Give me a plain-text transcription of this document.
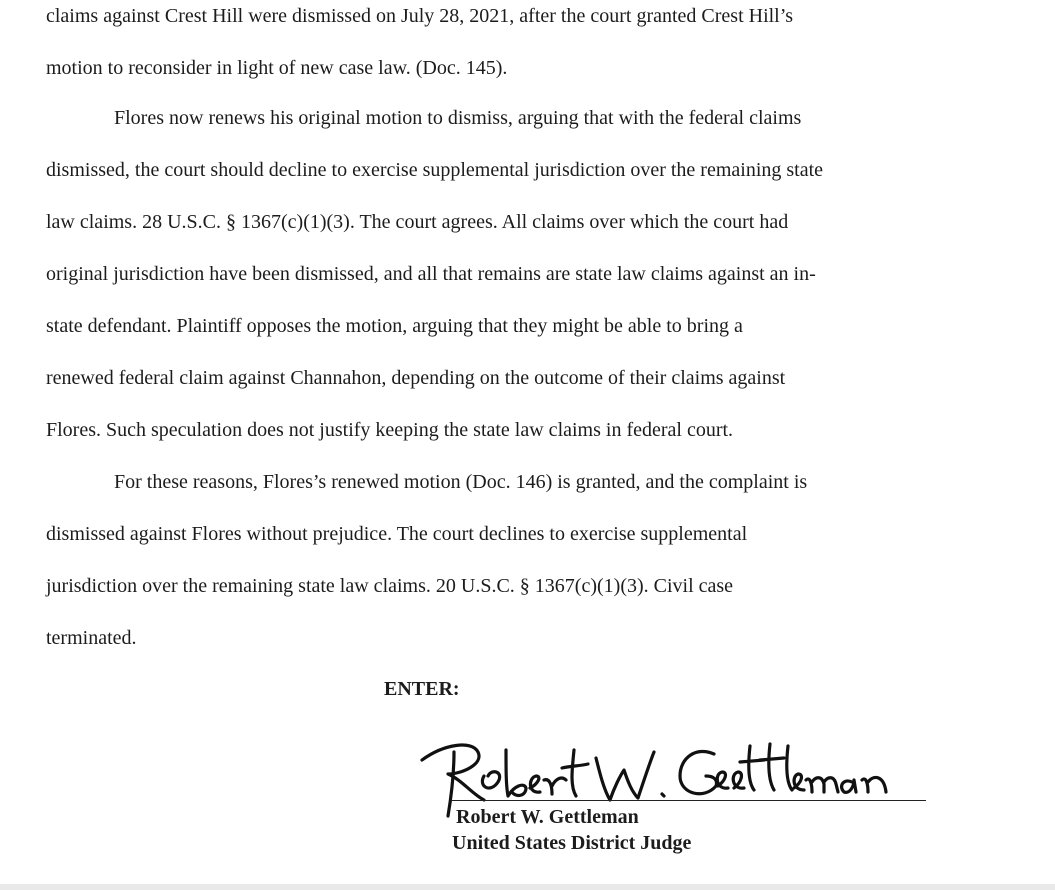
claims against Crest Hill were dismissed on July 28, 2021, after the court granted Crest Hill’s
motion to reconsider in light of new case law. (Doc. 145).
Flores now renews his original motion to dismiss, arguing that with the federal claims
dismissed, the court should decline to exercise supplemental jurisdiction over the remaining state
law claims. 28 U.S.C. § 1367(c)(1)(3). The court agrees. All claims over which the court had
original jurisdiction have been dismissed, and all that remains are state law claims against an in-
state defendant. Plaintiff opposes the motion, arguing that they might be able to bring a
renewed federal claim against Channahon, depending on the outcome of their claims against
Flores. Such speculation does not justify keeping the state law claims in federal court.
For these reasons, Flores’s renewed motion (Doc. 146) is granted, and the complaint is
dismissed against Flores without prejudice. The court declines to exercise supplemental
jurisdiction over the remaining state law claims. 20 U.S.C. § 1367(c)(1)(3). Civil case
terminated.
ENTER:
Robert W. Gettleman
United States District Judge
